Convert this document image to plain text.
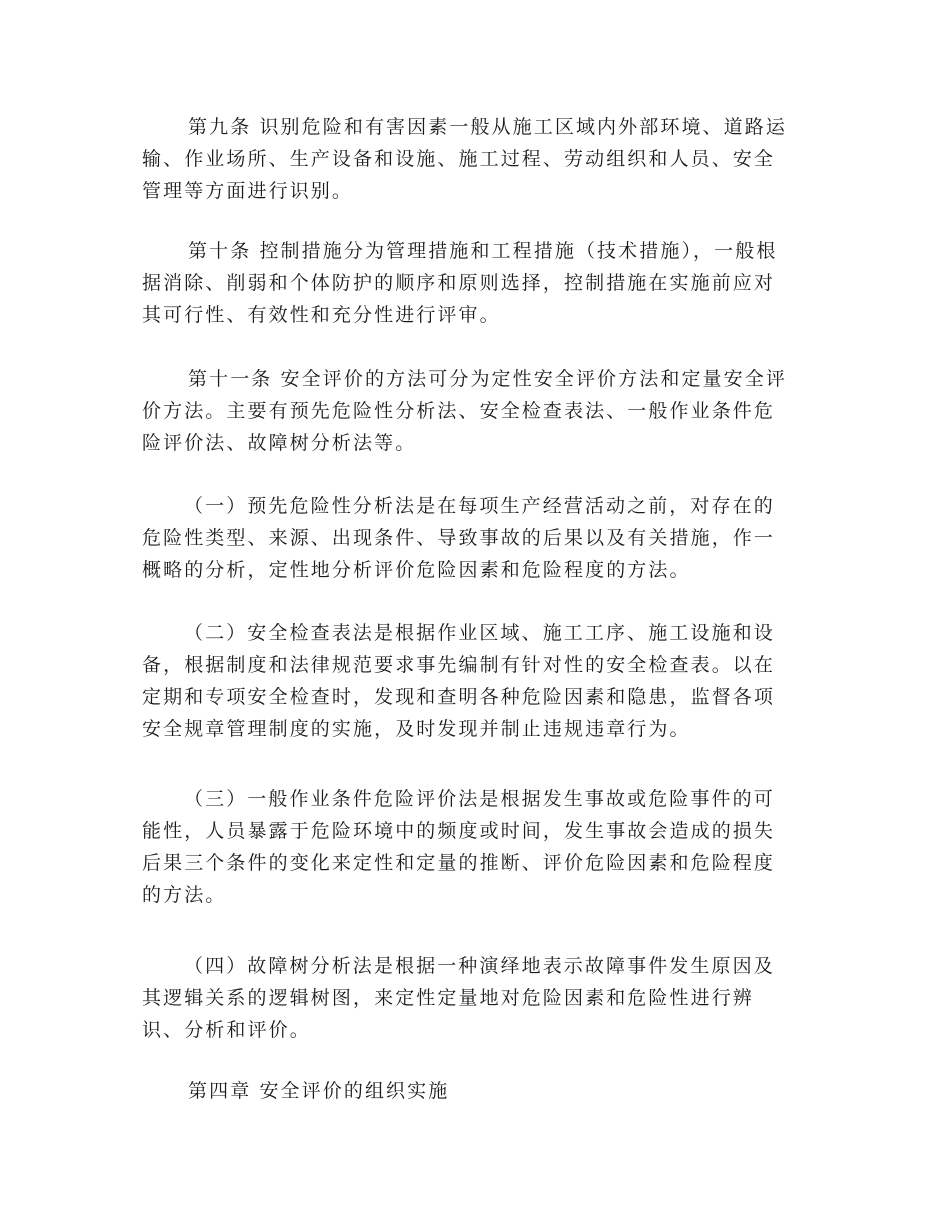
第九条 识别危险和有害因素一般从施工区域内外部环境、道路运
输、作业场所、生产设备和设施、施工过程、劳动组织和人员、安全
管理等方面进行识别。
第十条 控制措施分为管理措施和工程措施（技术措施），一般根
据消除、削弱和个体防护的顺序和原则选择，控制措施在实施前应对
其可行性、有效性和充分性进行评审。
第十一条 安全评价的方法可分为定性安全评价方法和定量安全评
价方法。主要有预先危险性分析法、安全检查表法、一般作业条件危
险评价法、故障树分析法等。
（一）预先危险性分析法是在每项生产经营活动之前，对存在的
危险性类型、来源、出现条件、导致事故的后果以及有关措施，作一
概略的分析，定性地分析评价危险因素和危险程度的方法。
（二）安全检查表法是根据作业区域、施工工序、施工设施和设
备，根据制度和法律规范要求事先编制有针对性的安全检查表。以在
定期和专项安全检查时，发现和查明各种危险因素和隐患，监督各项
安全规章管理制度的实施，及时发现并制止违规违章行为。
（三）一般作业条件危险评价法是根据发生事故或危险事件的可
能性，人员暴露于危险环境中的频度或时间，发生事故会造成的损失
后果三个条件的变化来定性和定量的推断、评价危险因素和危险程度
的方法。
（四）故障树分析法是根据一种演绎地表示故障事件发生原因及
其逻辑关系的逻辑树图，来定性定量地对危险因素和危险性进行辨
识、分析和评价。
第四章 安全评价的组织实施
